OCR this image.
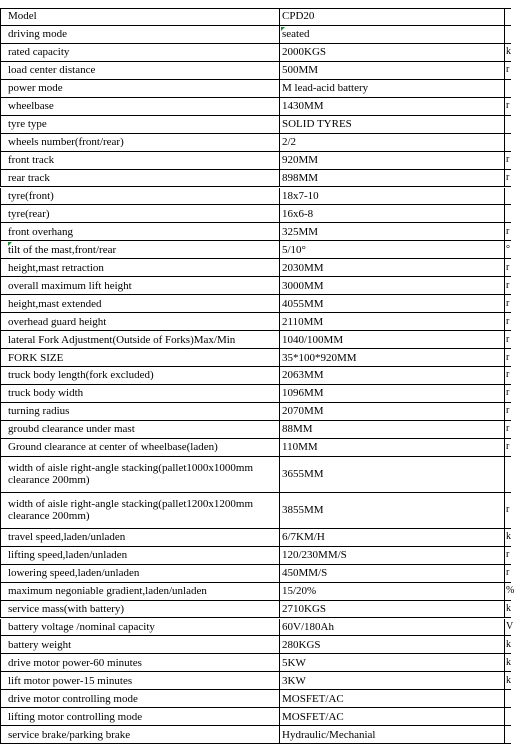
Model	CPD20
driving mode	seated
rated capacity	2000KGS	k
load center distance	500MM	r
power mode	M lead-acid battery
wheelbase	1430MM	r
tyre type	SOLID TYRES
wheels number(front/rear)	2/2
front track	920MM	r
rear track	898MM	r
tyre(front)	18x7-10
tyre(rear)	16x6-8
front overhang	325MM	r
tilt of the mast,front/rear	5/10°	°
height,mast retraction	2030MM	r
overall maximum lift height	3000MM	r
height,mast extended	4055MM	r
overhead guard height	2110MM	r
lateral Fork Adjustment(Outside of Forks)Max/Min	1040/100MM	r
FORK SIZE	35*100*920MM	r
truck body length(fork excluded)	2063MM	r
truck body width	1096MM	r
turning radius	2070MM	r
groubd clearance under mast	88MM	r
Ground clearance at center of wheelbase(laden)	110MM	r
width of aisle right-angle stacking(pallet1000x1000mm clearance 200mm)	3655MM
width of aisle right-angle stacking(pallet1200x1200mm clearance 200mm)	3855MM	r
travel speed,laden/unladen	6/7KM/H	k
lifting speed,laden/unladen	120/230MM/S	r
lowering speed,laden/unladen	450MM/S	r
maximum negoniable gradient,laden/unladen	15/20%	%
service mass(with battery)	2710KGS	k
battery voltage /nominal capacity	60V/180Ah	V
battery weight	280KGS	k
drive motor power-60 minutes	5KW	k
lift motor power-15 minutes	3KW	k
drive motor controlling mode	MOSFET/AC
lifting motor controlling mode	MOSFET/AC
service brake/parking brake	Hydraulic/Mechanial
